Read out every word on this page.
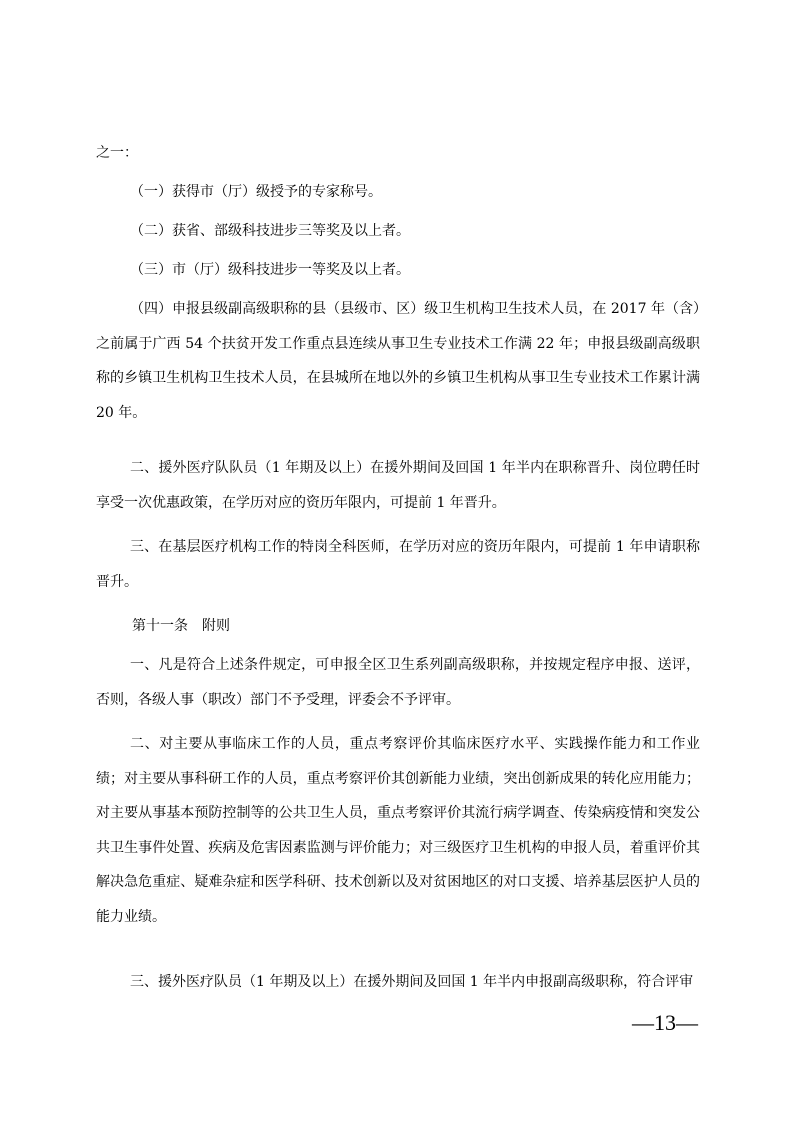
之一：

（一）获得市（厅）级授予的专家称号。

（二）获省、部级科技进步三等奖及以上者。

（三）市（厅）级科技进步一等奖及以上者。

（四）申报县级副高级职称的县（县级市、区）级卫生机构卫生技术人员，在 2017 年（含）之前属于广西 54 个扶贫开发工作重点县连续从事卫生专业技术工作满 22 年；申报县级副高级职称的乡镇卫生机构卫生技术人员，在县城所在地以外的乡镇卫生机构从事卫生专业技术工作累计满 20 年。

二、援外医疗队队员（1 年期及以上）在援外期间及回国 1 年半内在职称晋升、岗位聘任时享受一次优惠政策，在学历对应的资历年限内，可提前 1 年晋升。

三、在基层医疗机构工作的特岗全科医师，在学历对应的资历年限内，可提前 1 年申请职称晋升。

第十一条　附则

一、凡是符合上述条件规定，可申报全区卫生系列副高级职称，并按规定程序申报、送评，否则，各级人事（职改）部门不予受理，评委会不予评审。

二、对主要从事临床工作的人员，重点考察评价其临床医疗水平、实践操作能力和工作业绩；对主要从事科研工作的人员，重点考察评价其创新能力业绩，突出创新成果的转化应用能力；对主要从事基本预防控制等的公共卫生人员，重点考察评价其流行病学调查、传染病疫情和突发公共卫生事件处置、疾病及危害因素监测与评价能力；对三级医疗卫生机构的申报人员，着重评价其解决急危重症、疑难杂症和医学科研、技术创新以及对贫困地区的对口支援、培养基层医护人员的能力业绩。

三、援外医疗队员（1 年期及以上）在援外期间及回国 1 年半内申报副高级职称，符合评审

—13—
